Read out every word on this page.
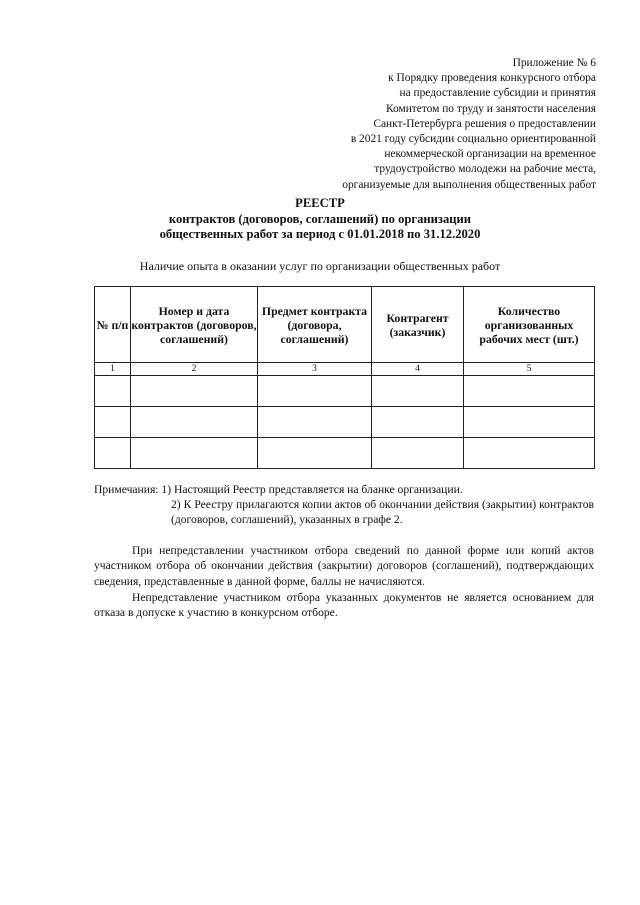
Приложение № 6
к Порядку проведения конкурсного отбора
на предоставление субсидии и принятия
Комитетом по труду и занятости населения
Санкт-Петербурга решения о предоставлении
в 2021 году субсидии социально ориентированной
некоммерческой организации на временное
трудоустройство молодежи на рабочие места,
организуемые для выполнения общественных работ
РЕЕСТР
контрактов (договоров, соглашений) по организации
общественных работ за период с 01.01.2018 по 31.12.2020
Наличие опыта в оказании услуг по организации общественных работ
№ п/п	Номер и дата контрактов (договоров, соглашений)	Предмет контракта (договора, соглашений)	Контрагент (заказчик)	Количество организованных рабочих мест (шт.)
1	2	3	4	5

Примечания: 1) Настоящий Реестр представляется на бланке организации.
2) К Реестру прилагаются копии актов об окончании действия (закрытии) контрактов (договоров, соглашений), указанных в графе 2.
При непредставлении участником отбора сведений по данной форме или копий актов участником отбора об окончании действия (закрытии) договоров (соглашений), подтверждающих сведения, представленные в данной форме, баллы не начисляются.
Непредставление участником отбора указанных документов не является основанием для отказа в допуске к участию в конкурсном отборе.
